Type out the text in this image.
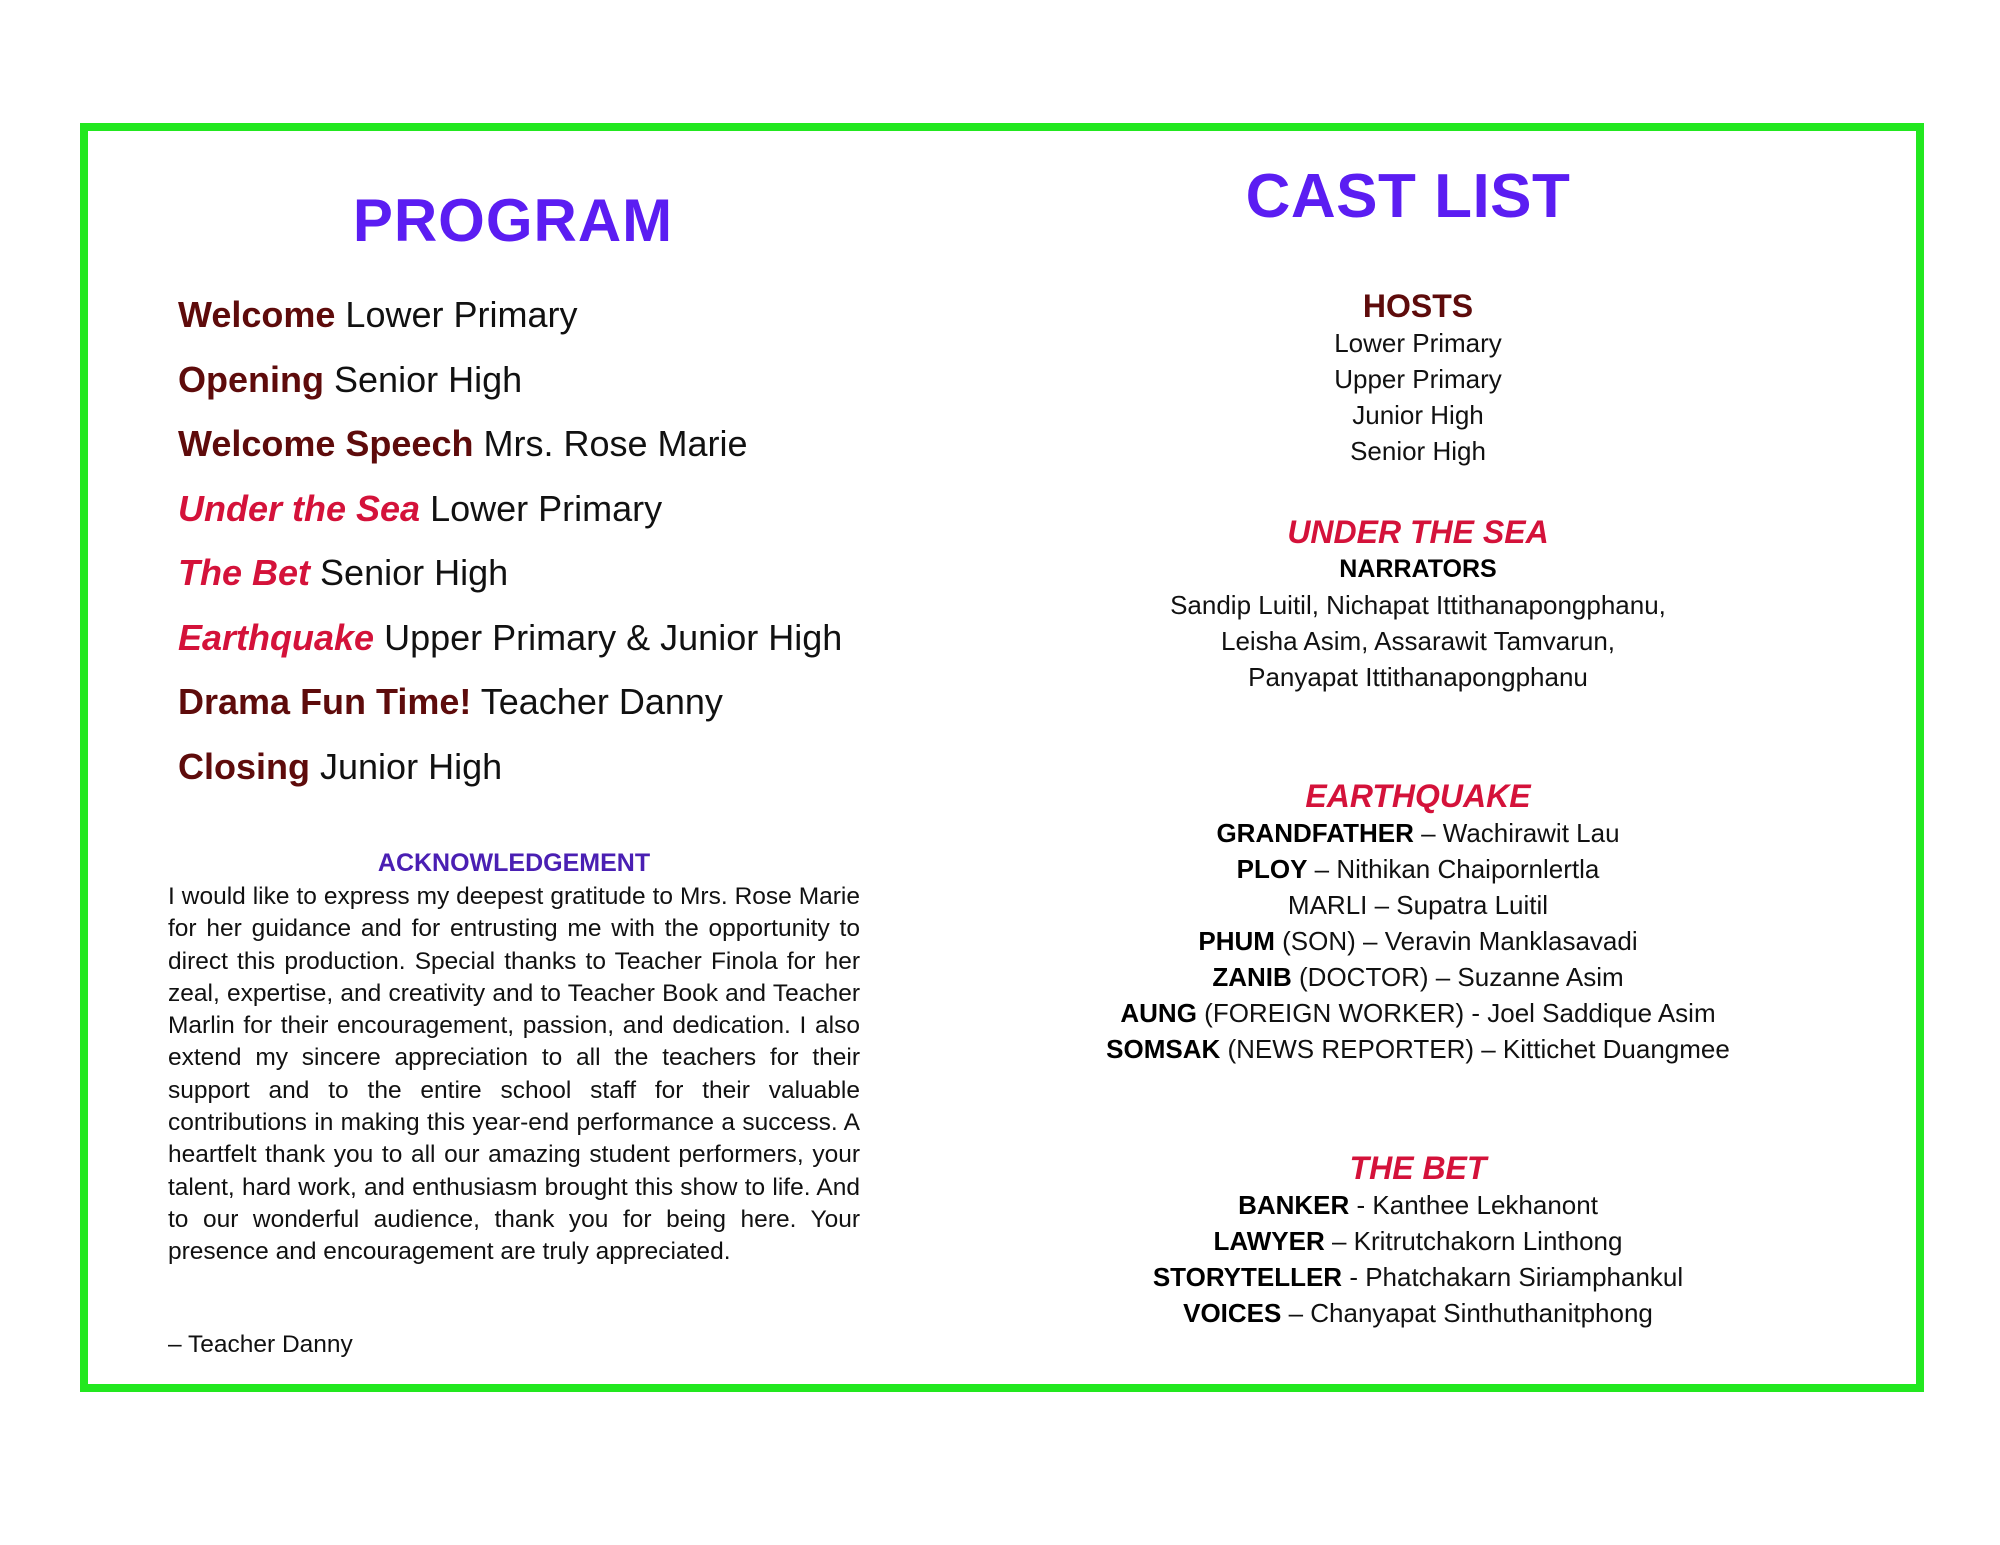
PROGRAM
Welcome Lower Primary
Opening Senior High
Welcome Speech Mrs. Rose Marie
Under the Sea Lower Primary
The Bet Senior High
Earthquake Upper Primary & Junior High
Drama Fun Time! Teacher Danny
Closing Junior High
ACKNOWLEDGEMENT

I would like to express my deepest gratitude to Mrs. Rose Marie for her guidance and for entrusting me with the opportunity to direct this production. Special thanks to Teacher Finola for her zeal, expertise, and creativity and to Teacher Book and Teacher Marlin for their encouragement, passion, and dedication. I also extend my sincere appreciation to all the teachers for their support and to the entire school staff for their valuable contributions in making this year-end performance a success. A heartfelt thank you to all our amazing student performers, your talent, hard work, and enthusiasm brought this show to life. And to our wonderful audience, thank you for being here. Your presence and encouragement are truly appreciated.

– Teacher Danny

CAST LIST

HOSTS

Lower Primary

Upper Primary

Junior High

Senior High

UNDER THE SEA

NARRATORS

Sandip Luitil, Nichapat Ittithanapongphanu,

Leisha Asim, Assarawit Tamvarun,

Panyapat Ittithanapongphanu

EARTHQUAKE

GRANDFATHER – Wachirawit Lau

PLOY – Nithikan Chaipornlertla

MARLI – Supatra Luitil

PHUM (SON) – Veravin Manklasavadi

ZANIB (DOCTOR) – Suzanne Asim

AUNG (FOREIGN WORKER) - Joel Saddique Asim

SOMSAK (NEWS REPORTER) – Kittichet Duangmee

THE BET

BANKER - Kanthee Lekhanont

LAWYER – Kritrutchakorn Linthong

STORYTELLER - Phatchakarn Siriamphankul

VOICES – Chanyapat Sinthuthanitphong
